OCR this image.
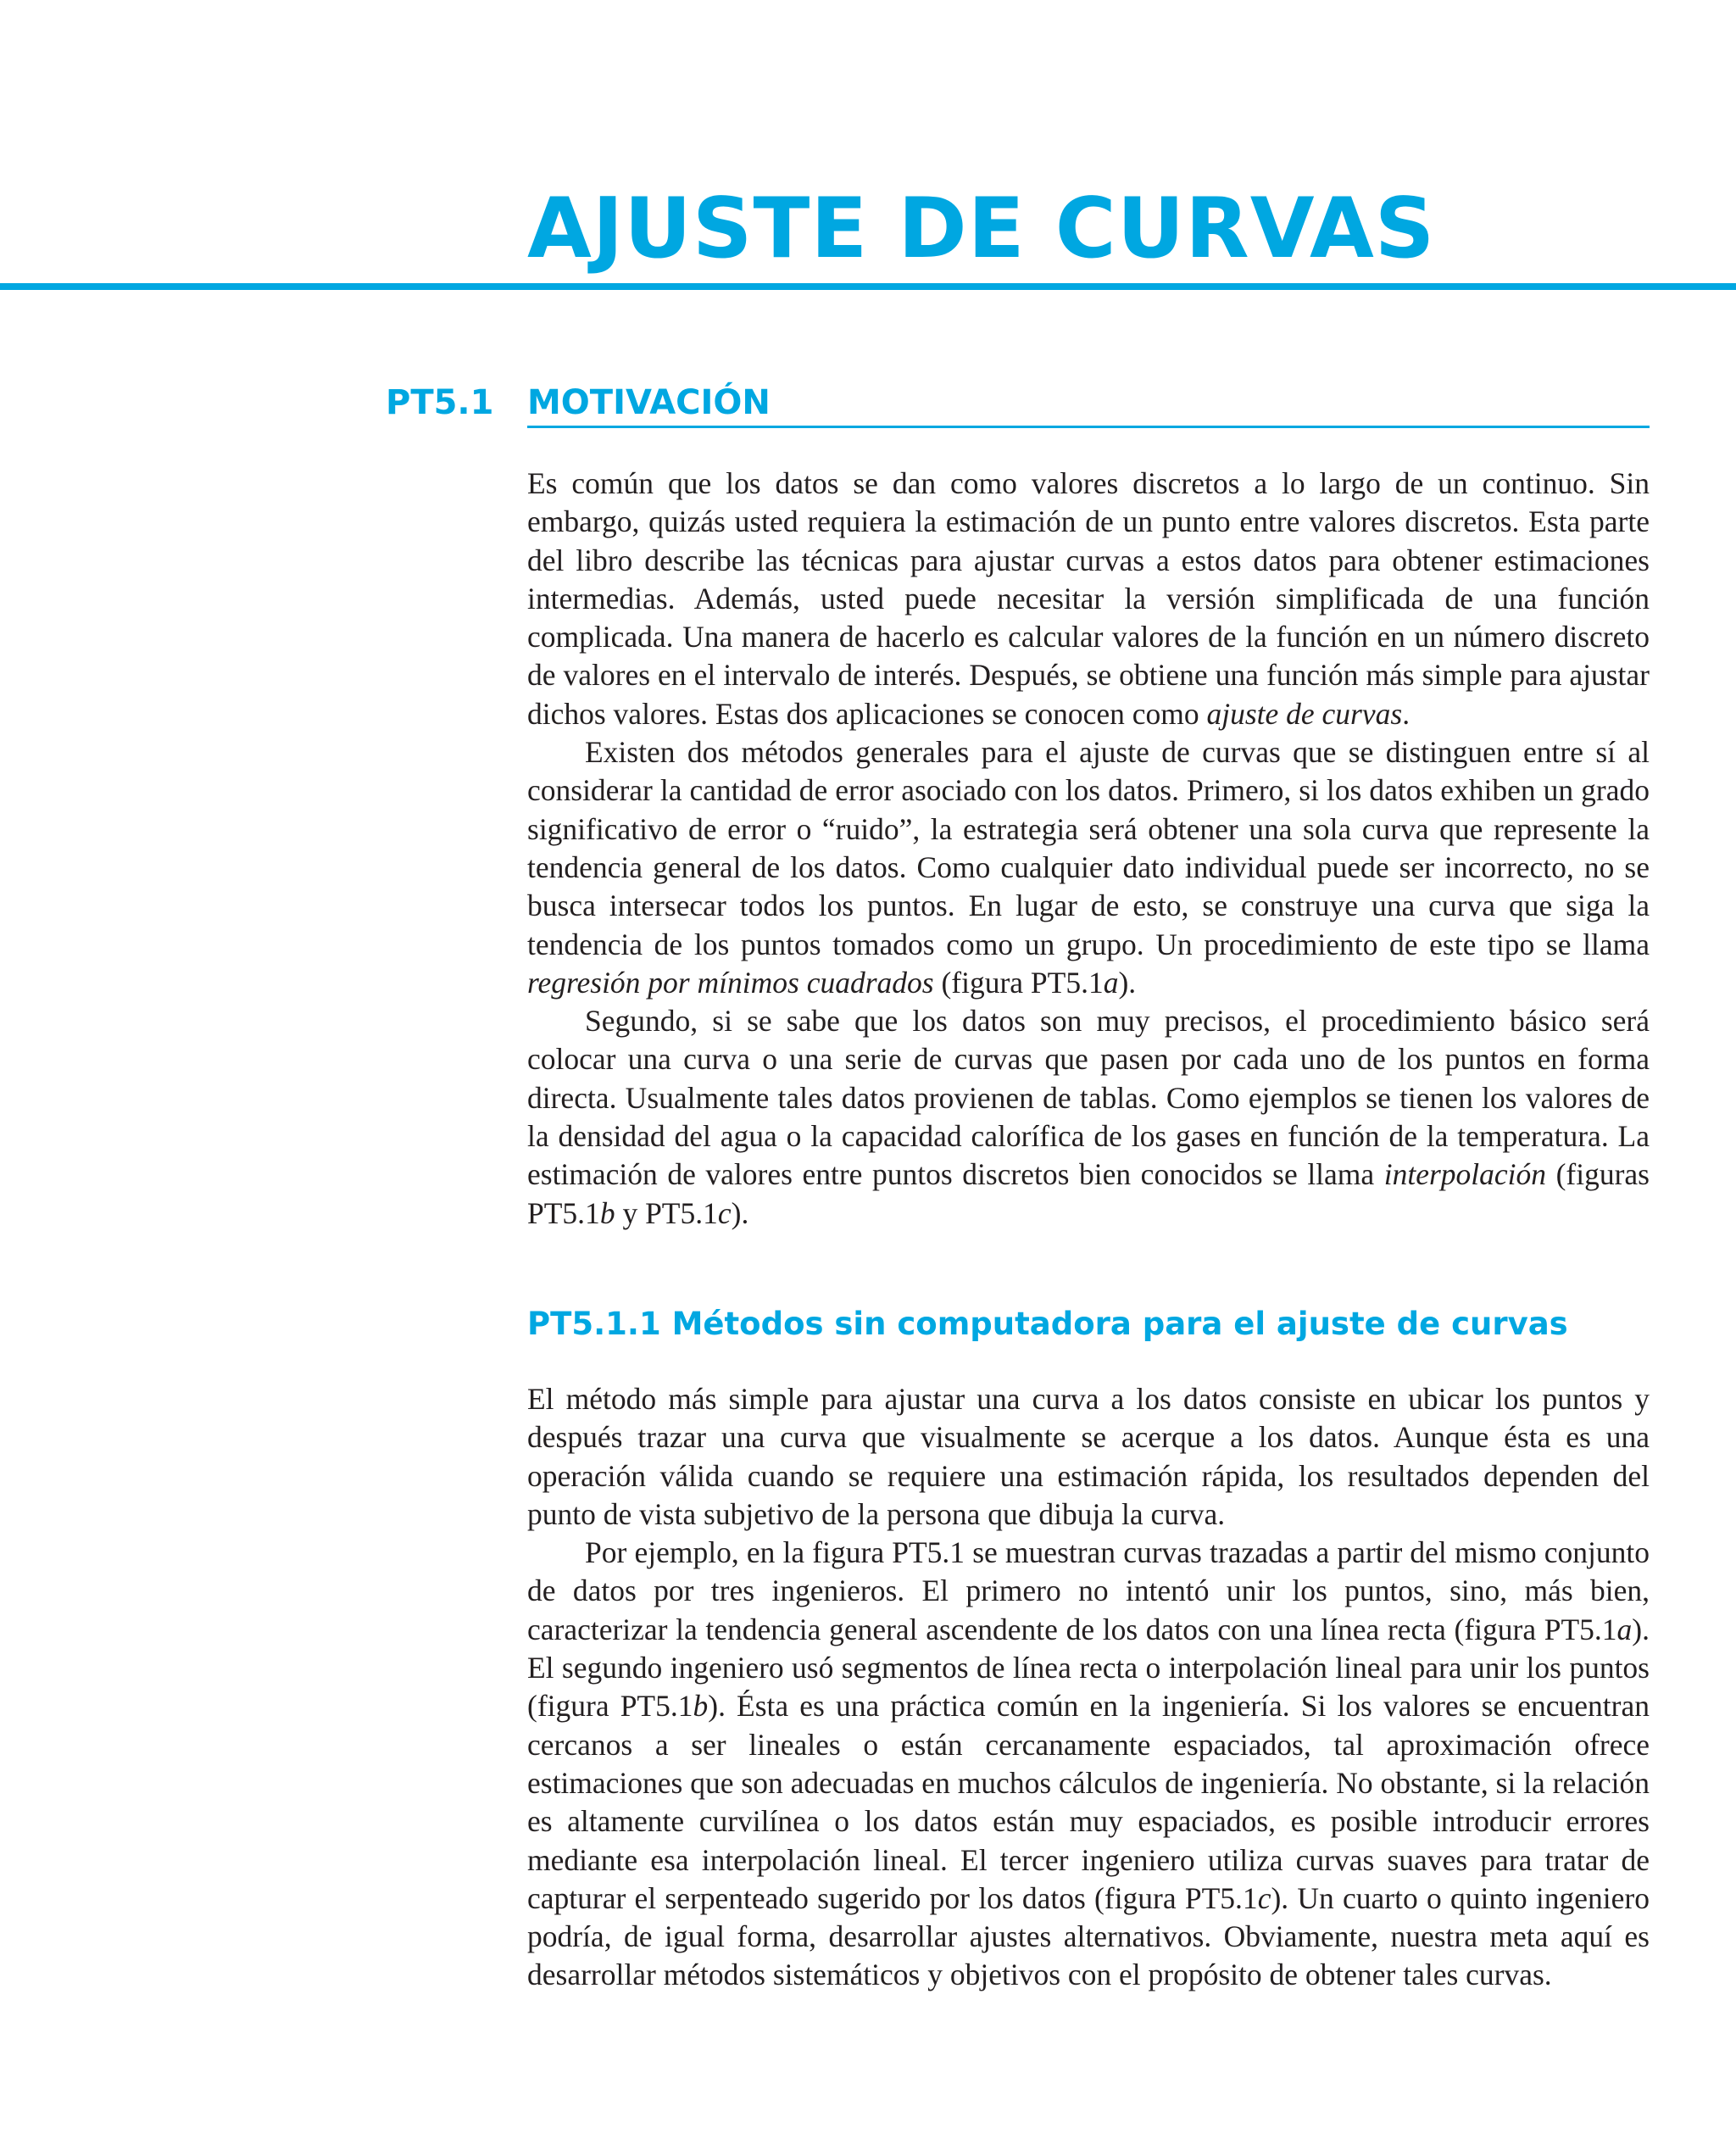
AJUSTE DE CURVAS
PT5.1 MOTIVACIÓN

Es común que los datos se dan como valores discretos a lo largo de un continuo. Sin embargo, quizás usted requiera la estimación de un punto entre valores discretos. Esta parte del libro describe las técnicas para ajustar curvas a estos datos para obtener estimaciones intermedias. Además, usted puede necesitar la versión simplificada de una función complicada. Una manera de hacerlo es calcular valores de la función en un número discreto de valores en el intervalo de interés. Después, se obtiene una función más simple para ajustar dichos valores. Estas dos aplicaciones se conocen como ajuste de curvas.

Existen dos métodos generales para el ajuste de curvas que se distinguen entre sí al considerar la cantidad de error asociado con los datos. Primero, si los datos exhiben un grado significativo de error o “ruido”, la estrategia será obtener una sola curva que represente la tendencia general de los datos. Como cualquier dato individual puede ser incorrecto, no se busca intersecar todos los puntos. En lugar de esto, se construye una curva que siga la tendencia de los puntos tomados como un grupo. Un procedimiento de este tipo se llama regresión por mínimos cuadrados (figura PT5.1a).

Segundo, si se sabe que los datos son muy precisos, el procedimiento básico será colocar una curva o una serie de curvas que pasen por cada uno de los puntos en forma directa. Usualmente tales datos provienen de tablas. Como ejemplos se tienen los valores de la densidad del agua o la capacidad calorífica de los gases en función de la temperatura. La estimación de valores entre puntos discretos bien conocidos se llama interpolación (figuras PT5.1b y PT5.1c).

PT5.1.1 Métodos sin computadora para el ajuste de curvas

El método más simple para ajustar una curva a los datos consiste en ubicar los puntos y después trazar una curva que visualmente se acerque a los datos. Aunque ésta es una operación válida cuando se requiere una estimación rápida, los resultados dependen del punto de vista subjetivo de la persona que dibuja la curva.

Por ejemplo, en la figura PT5.1 se muestran curvas trazadas a partir del mismo conjunto de datos por tres ingenieros. El primero no intentó unir los puntos, sino, más bien, caracterizar la tendencia general ascendente de los datos con una línea recta (figura PT5.1a). El segundo ingeniero usó segmentos de línea recta o interpolación lineal para unir los puntos (figura PT5.1b). Ésta es una práctica común en la ingeniería. Si los valores se encuentran cercanos a ser lineales o están cercanamente espaciados, tal aproximación ofrece estimaciones que son adecuadas en muchos cálculos de ingeniería. No obstante, si la relación es altamente curvilínea o los datos están muy espaciados, es posible introducir errores mediante esa interpolación lineal. El tercer ingeniero utiliza curvas suaves para tratar de capturar el serpenteado sugerido por los datos (figura PT5.1c). Un cuarto o quinto ingeniero podría, de igual forma, desarrollar ajustes alternativos. Obviamente, nuestra meta aquí es desarrollar métodos sistemáticos y objetivos con el propósito de obtener tales curvas.
